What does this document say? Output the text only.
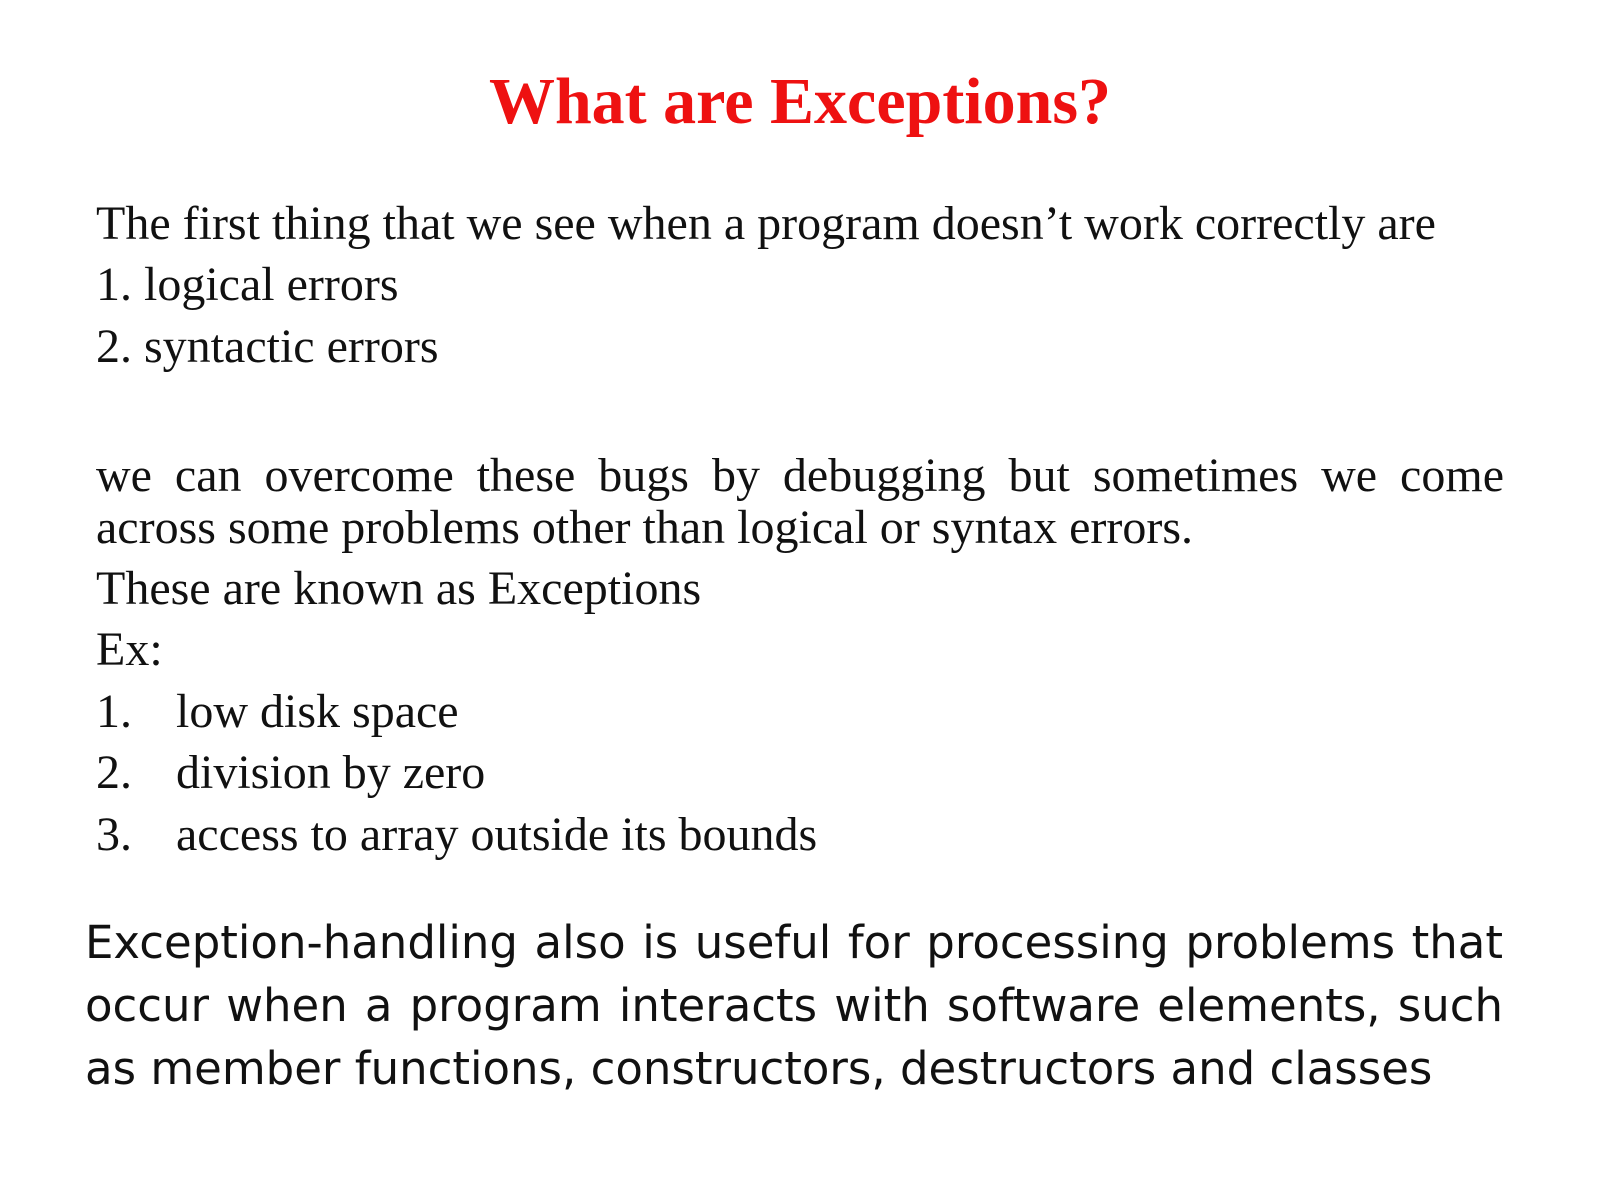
What are Exceptions?

The first thing that we see when a program doesn’t work correctly are

1. logical errors

2. syntactic errors

we can overcome these bugs by debugging but sometimes we come across some problems other than logical or syntax errors.

These are known as Exceptions

Ex:

1. low disk space

2. division by zero

3. access to array outside its bounds

Exception-handling also is useful for processing problems that occur when a program interacts with software elements, such as member functions, constructors, destructors and classes
